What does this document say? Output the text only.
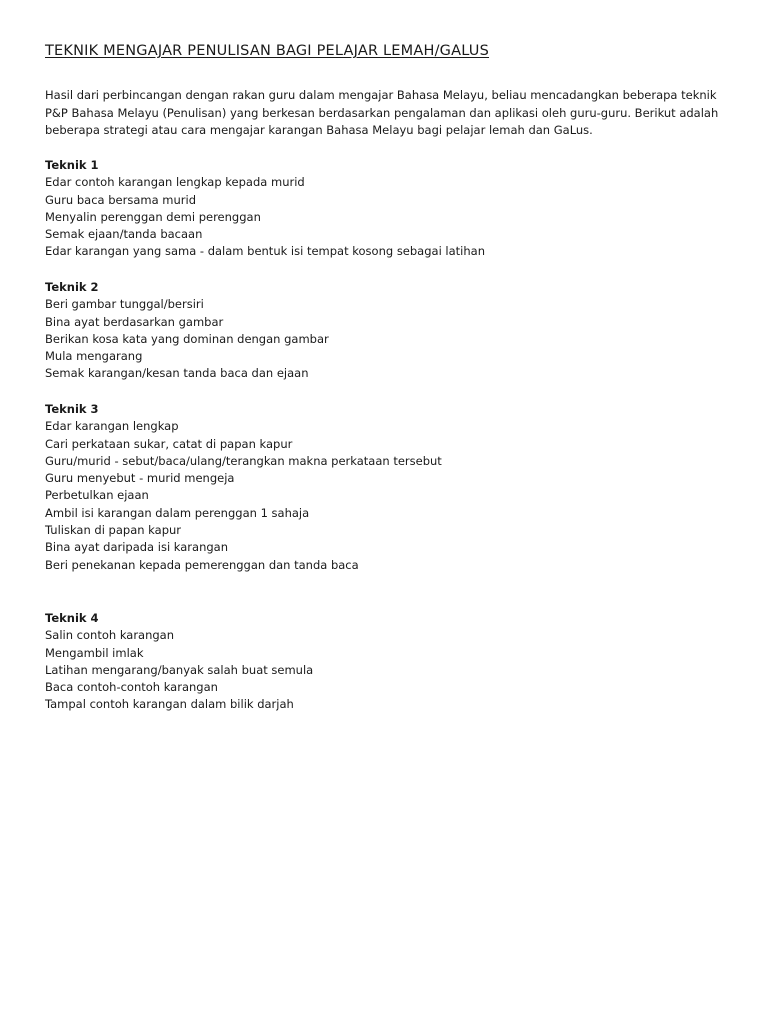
TEKNIK MENGAJAR PENULISAN BAGI PELAJAR LEMAH/GALUS

Hasil dari perbincangan dengan rakan guru dalam mengajar Bahasa Melayu, beliau mencadangkan beberapa teknik P&P Bahasa Melayu (Penulisan) yang berkesan berdasarkan pengalaman dan aplikasi oleh guru-guru. Berikut adalah beberapa strategi atau cara mengajar karangan Bahasa Melayu bagi pelajar lemah dan GaLus.

Teknik 1
Edar contoh karangan lengkap kepada murid
Guru baca bersama murid
Menyalin perenggan demi perenggan
Semak ejaan/tanda bacaan
Edar karangan yang sama - dalam bentuk isi tempat kosong sebagai latihan
Teknik 2
Beri gambar tunggal/bersiri
Bina ayat berdasarkan gambar
Berikan kosa kata yang dominan dengan gambar
Mula mengarang
Semak karangan/kesan tanda baca dan ejaan
Teknik 3
Edar karangan lengkap
Cari perkataan sukar, catat di papan kapur
Guru/murid - sebut/baca/ulang/terangkan makna perkataan tersebut
Guru menyebut - murid mengeja
Perbetulkan ejaan
Ambil isi karangan dalam perenggan 1 sahaja
Tuliskan di papan kapur
Bina ayat daripada isi karangan
Beri penekanan kepada pemerenggan dan tanda baca
Teknik 4
Salin contoh karangan
Mengambil imlak
Latihan mengarang/banyak salah buat semula
Baca contoh-contoh karangan
Tampal contoh karangan dalam bilik darjah
